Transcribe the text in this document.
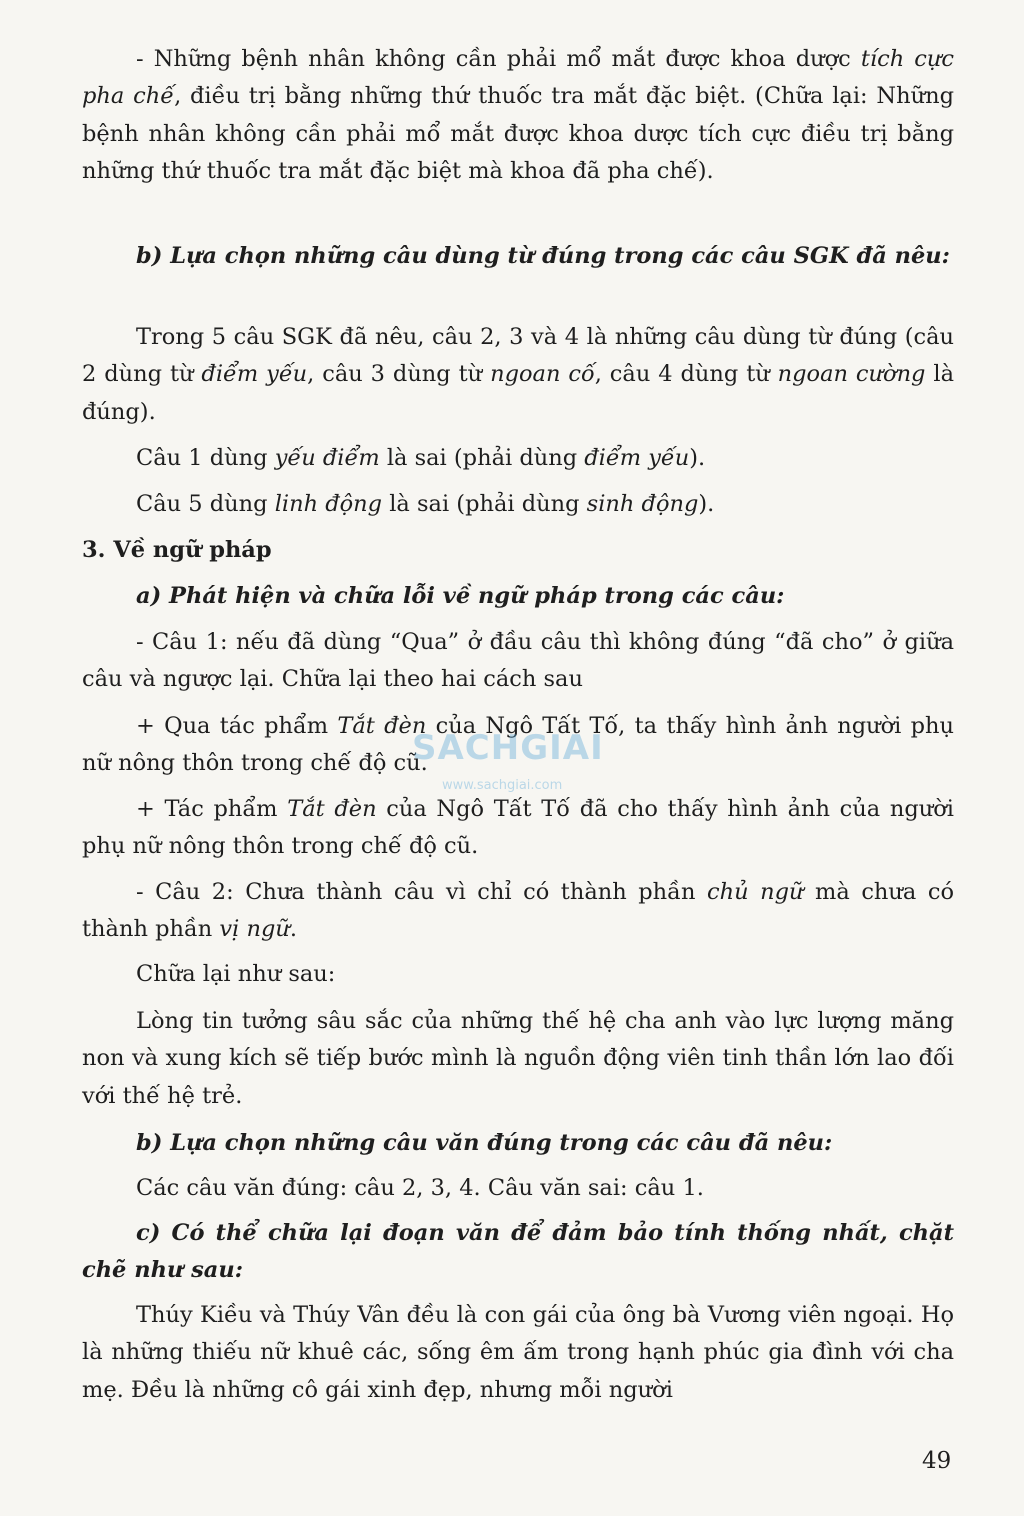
- Những bệnh nhân không cần phải mổ mắt được khoa dược tích cực pha chế, điều trị bằng những thứ thuốc tra mắt đặc biệt. (Chữa lại: Những bệnh nhân không cần phải mổ mắt được khoa dược tích cực điều trị bằng những thứ thuốc tra mắt đặc biệt mà khoa đã pha chế).

b) Lựa chọn những câu dùng từ đúng trong các câu SGK đã nêu:

Trong 5 câu SGK đã nêu, câu 2, 3 và 4 là những câu dùng từ đúng (câu 2 dùng từ điểm yếu, câu 3 dùng từ ngoan cố, câu 4 dùng từ ngoan cường là đúng).

Câu 1 dùng yếu điểm là sai (phải dùng điểm yếu).

Câu 5 dùng linh động là sai (phải dùng sinh động).

3. Về ngữ pháp

a) Phát hiện và chữa lỗi về ngữ pháp trong các câu:

- Câu 1: nếu đã dùng “Qua” ở đầu câu thì không đúng “đã cho” ở giữa câu và ngược lại. Chữa lại theo hai cách sau

+ Qua tác phẩm Tắt đèn của Ngô Tất Tố, ta thấy hình ảnh người phụ nữ nông thôn trong chế độ cũ.

+ Tác phẩm Tắt đèn của Ngô Tất Tố đã cho thấy hình ảnh của người phụ nữ nông thôn trong chế độ cũ.

- Câu 2: Chưa thành câu vì chỉ có thành phần chủ ngữ mà chưa có thành phần vị ngữ.

Chữa lại như sau:

Lòng tin tưởng sâu sắc của những thế hệ cha anh vào lực lượng măng non và xung kích sẽ tiếp bước mình là nguồn động viên tinh thần lớn lao đối với thế hệ trẻ.

b) Lựa chọn những câu văn đúng trong các câu đã nêu:

Các câu văn đúng: câu 2, 3, 4. Câu văn sai: câu 1.

c) Có thể chữa lại đoạn văn để đảm bảo tính thống nhất, chặt chẽ như sau:

Thúy Kiều và Thúy Vân đều là con gái của ông bà Vương viên ngoại. Họ là những thiếu nữ khuê các, sống êm ấm trong hạnh phúc gia đình với cha mẹ. Đều là những cô gái xinh đẹp, nhưng mỗi người

SACHGIAI
www.sachgiai.com
49
